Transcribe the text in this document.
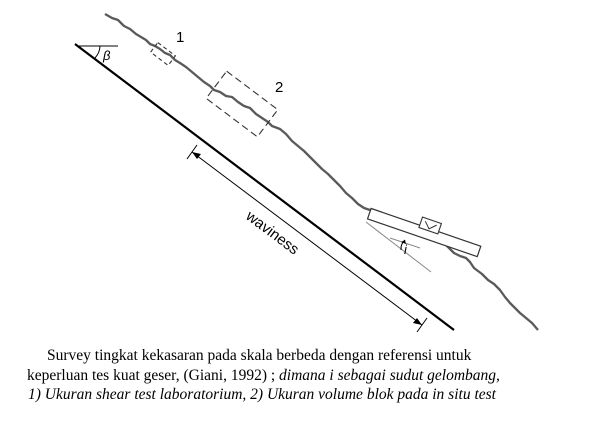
β
1
2
waviness	i
Survey tingkat kekasaran pada skala berbeda dengan referensi untuk
keperluan tes kuat geser, (Giani, 1992) ; dimana i sebagai sudut gelombang,
1) Ukuran shear test laboratorium, 2) Ukuran volume blok pada in situ test
